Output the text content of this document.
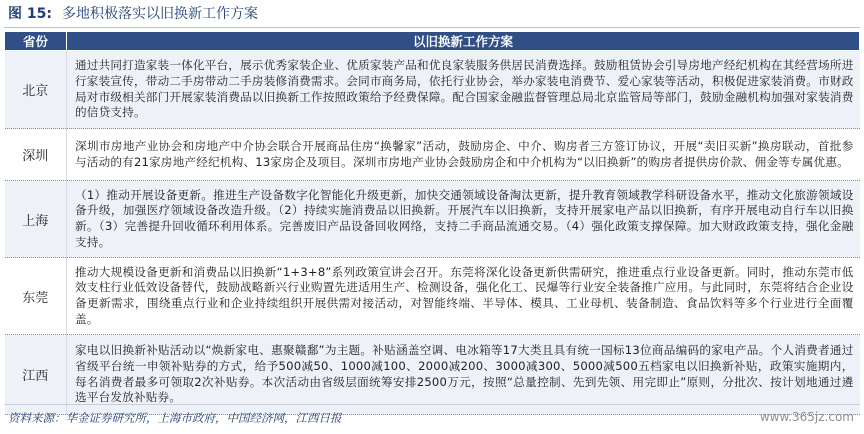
图 15: 多地积极落实以旧换新工作方案
省份	以旧换新工作方案
北京	通过共同打造家装一体化平台，展示优秀家装企业、优质家装产品和优良家装服务供居民消费选择。鼓励租赁协会引导房地产经纪机构在其经营场所进行家装宣传，带动二手房带动二手房装修消费需求。会同市商务局，依托行业协会，举办家装电消费节、爱心家装等活动，积极促进家装消费。市财政局对市级相关部门开展家装消费品以旧换新工作按照政策给予经费保障。配合国家金融监督管理总局北京监管局等部门，鼓励金融机构加强对家装消费的信贷支持。
深圳	深圳市房地产业协会和房地产中介协会联合开展商品住房“换馨家”活动，鼓励房企、中介、购房者三方签订协议，开展“卖旧买新”换房联动，首批参与活动的有21家房地产经纪机构、13家房企及项目。深圳市房地产业协会鼓励房企和中介机构为“以旧换新”的购房者提供房价款、佣金等专属优惠。
上海	（1）推动开展设备更新。推进生产设备数字化智能化升级更新，加快交通领域设备淘汰更新，提升教育领域教学科研设备水平，推动文化旅游领域设备升级，加强医疗领域设备改造升级。（2）持续实施消费品以旧换新。开展汽车以旧换新，支持开展家电产品以旧换新，有序开展电动自行车以旧换新。（3）完善提升回收循环利用体系。完善废旧产品设备回收网络，支持二手商品流通交易。（4）强化政策支撑保障。加大财政政策支持，强化金融支持。
东莞	推动大规模设备更新和消费品以旧换新“1+3+8”系列政策宣讲会召开。东莞将深化设备更新供需研究，推进重点行业设备更新。同时，推动东莞市低效支柱行业低效设备替代，鼓励战略新兴行业购置先进适用生产、检测设备，强化化工、民爆等行业安全装备推广应用。与此同时，东莞将结合企业设备更新需求，围绕重点行业和企业持续组织开展供需对接活动，对智能终端、半导体、模具、工业母机、装备制造、食品饮料等多个行业进行全面覆盖。
江西	家电以旧换新补贴活动以“焕新家电、惠聚赣鄱”为主题。补贴涵盖空调、电冰箱等17大类且具有统一国标13位商品编码的家电产品。个人消费者通过省级平台统一申领补贴券的方式，给予500减50、1000减100、2000减200、3000减300、5000减500五档家电以旧换新补贴，政策实施期内，每名消费者最多可领取2次补贴券。本次活动由省级层面统筹安排2500万元，按照“总量控制、先到先领、用完即止”原则，分批次、按计划地通过遴选平台发放补贴券。
资料来源：华金证券研究所，上海市政府，中国经济网，江西日报	www.365jz.com
